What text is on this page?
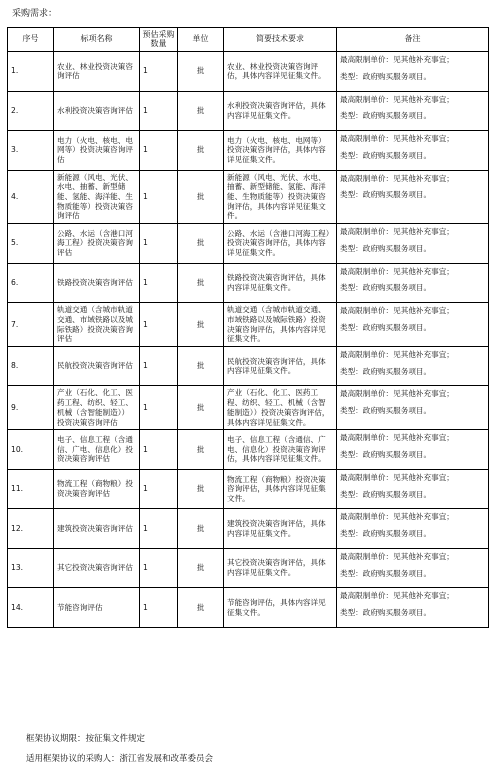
采购需求：
序号	标项名称	预估采购数量	单位	简要技术要求	备注
1.	农业、林业投资决策咨询评估	1	批	农业、林业投资决策咨询评估，具体内容详见征集文件。	最高限制单价：见其他补充事宜；
类型：政府购买服务项目。

2.	水利投资决策咨询评估	1	批	水利投资决策咨询评估，具体内容详见征集文件。	最高限制单价：见其他补充事宜；
类型：政府购买服务项目。

3.	电力（火电、核电、电网等）投资决策咨询评估	1	批	电力（火电、核电、电网等）投资决策咨询评估，具体内容详见征集文件。	最高限制单价：见其他补充事宜；
类型：政府购买服务项目。

4.	新能源（风电、光伏、水电、抽蓄、新型储能、氢能、海洋能、生物质能等）投资决策咨询评估	1	批	新能源（风电、光伏、水电、抽蓄、新型储能、氢能、海洋能、生物质能等）投资决策咨询评估，具体内容详见征集文件。	最高限制单价：见其他补充事宜；
类型：政府购买服务项目。

5.	公路、水运（含港口河海工程）投资决策咨询评估	1	批	公路、水运（含港口河海工程）投资决策咨询评估，具体内容详见征集文件。	最高限制单价：见其他补充事宜；
类型：政府购买服务项目。

6.	铁路投资决策咨询评估	1	批	铁路投资决策咨询评估，具体内容详见征集文件。	最高限制单价：见其他补充事宜；
类型：政府购买服务项目。

7.	轨道交通（含城市轨道交通、市域铁路以及城际铁路）投资决策咨询评估	1	批	轨道交通（含城市轨道交通、市域铁路以及城际铁路）投资决策咨询评估，具体内容详见征集文件。	最高限制单价：见其他补充事宜；
类型：政府购买服务项目。

8.	民航投资决策咨询评估	1	批	民航投资决策咨询评估，具体内容详见征集文件。	最高限制单价：见其他补充事宜；
类型：政府购买服务项目。

9.	产业（石化、化工、医药工程、纺织、轻工、机械（含智能制造））投资决策咨询评估	1	批	产业（石化、化工、医药工程、纺织、轻工、机械（含智能制造））投资决策咨询评估，具体内容详见征集文件。	最高限制单价：见其他补充事宜；
类型：政府购买服务项目。

10.	电子、信息工程（含通信、广电、信息化）投资决策咨询评估	1	批	电子、信息工程（含通信、广电、信息化）投资决策咨询评估，具体内容详见征集文件。	最高限制单价：见其他补充事宜；
类型：政府购买服务项目。

11.	物流工程（商物粮）投资决策咨询评估	1	批	物流工程（商物粮）投资决策咨询评估，具体内容详见征集文件。	最高限制单价：见其他补充事宜；
类型：政府购买服务项目。

12.	建筑投资决策咨询评估	1	批	建筑投资决策咨询评估，具体内容详见征集文件。	最高限制单价：见其他补充事宜；
类型：政府购买服务项目。

13.	其它投资决策咨询评估	1	批	其它投资决策咨询评估，具体内容详见征集文件。	最高限制单价：见其他补充事宜；
类型：政府购买服务项目。

14.	节能咨询评估	1	批	节能咨询评估，具体内容详见征集文件。	最高限制单价：见其他补充事宜；
类型：政府购买服务项目。
框架协议期限：按征集文件规定
适用框架协议的采购人：浙江省发展和改革委员会
